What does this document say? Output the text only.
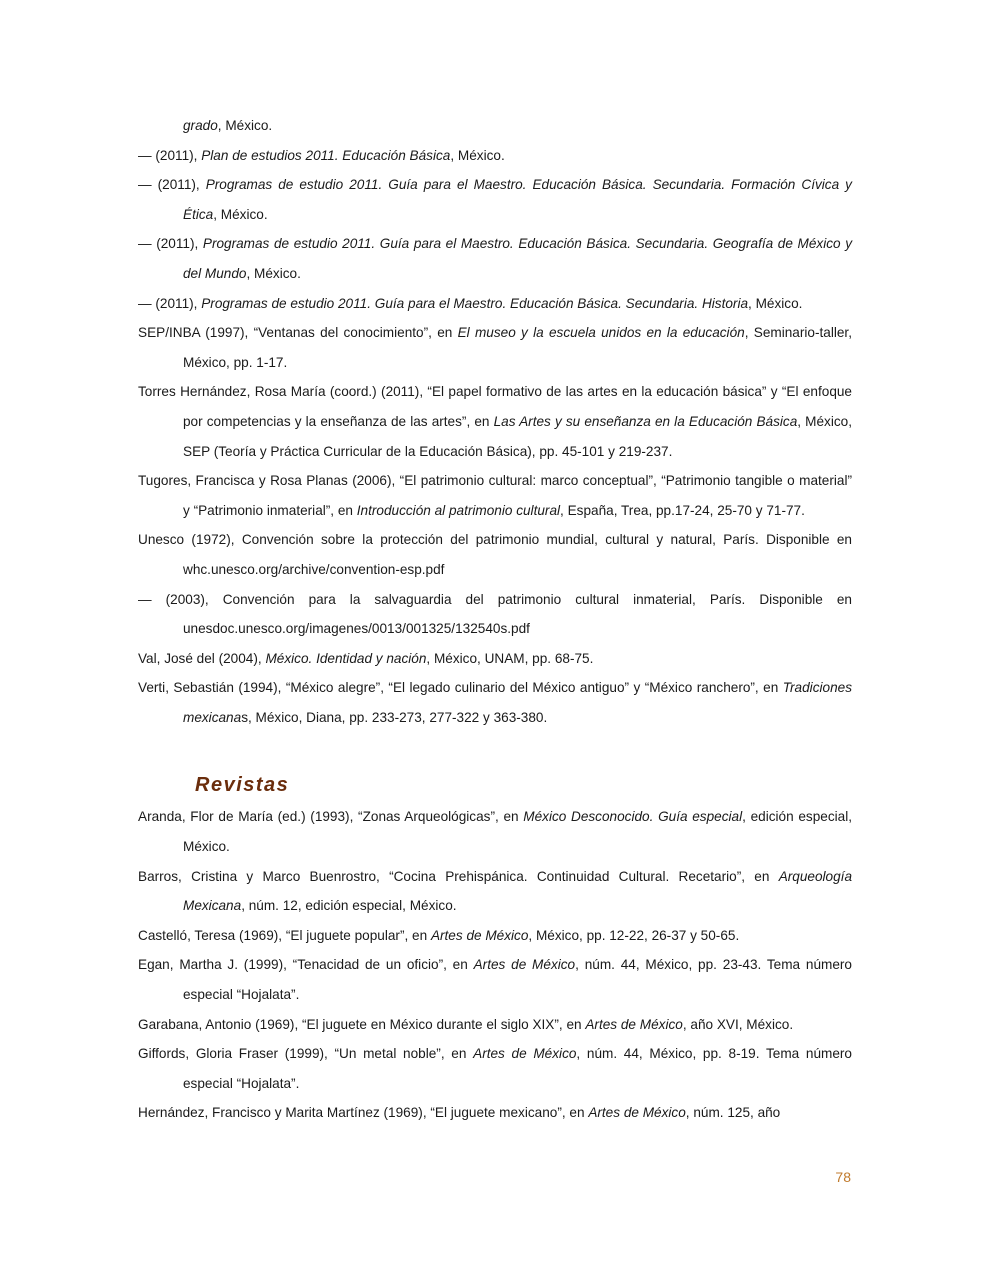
grado, México.
— (2011), Plan de estudios 2011. Educación Básica, México.
— (2011), Programas de estudio 2011. Guía para el Maestro. Educación Básica. Secundaria. Formación Cívica y Ética, México.
— (2011), Programas de estudio 2011. Guía para el Maestro. Educación Básica. Secundaria. Geografía de México y del Mundo, México.
— (2011), Programas de estudio 2011. Guía para el Maestro. Educación Básica. Secundaria. Historia, México.
SEP/INBA (1997), “Ventanas del conocimiento”, en El museo y la escuela unidos en la educación, Seminario-taller, México, pp. 1-17.
Torres Hernández, Rosa María (coord.) (2011), “El papel formativo de las artes en la educación básica” y “El enfoque por competencias y la enseñanza de las artes”, en Las Artes y su enseñanza en la Educación Básica, México, SEP (Teoría y Práctica Curricular de la Educación Básica), pp. 45-101 y 219-237.
Tugores, Francisca y Rosa Planas (2006), “El patrimonio cultural: marco conceptual”, “Patrimonio tangible o material” y “Patrimonio inmaterial”, en Introducción al patrimonio cultural, España, Trea, pp.17-24, 25-70 y 71-77.
Unesco (1972), Convención sobre la protección del patrimonio mundial, cultural y natural, París. Disponible en whc.unesco.org/archive/convention-esp.pdf
— (2003), Convención para la salvaguardia del patrimonio cultural inmaterial, París. Disponible en unesdoc.unesco.org/imagenes/0013/001325/132540s.pdf
Val, José del (2004), México. Identidad y nación, México, UNAM, pp. 68-75.
Verti, Sebastián (1994), “México alegre”, “El legado culinario del México antiguo” y “México ranchero”, en Tradiciones mexicanas, México, Diana, pp. 233-273, 277-322 y 363-380.
Revistas
Aranda, Flor de María (ed.) (1993), “Zonas Arqueológicas”, en México Desconocido. Guía especial, edición especial, México.
Barros, Cristina y Marco Buenrostro, “Cocina Prehispánica. Continuidad Cultural. Recetario”, en Arqueología Mexicana, núm. 12, edición especial, México.
Castelló, Teresa (1969), “El juguete popular”, en Artes de México, México, pp. 12-22, 26-37 y 50-65.
Egan, Martha J. (1999), “Tenacidad de un oficio”, en Artes de México, núm. 44, México, pp. 23-43. Tema número especial “Hojalata”.
Garabana, Antonio (1969), “El juguete en México durante el siglo XIX”, en Artes de México, año XVI, México.
Giffords, Gloria Fraser (1999), “Un metal noble”, en Artes de México, núm. 44, México, pp. 8-19. Tema número especial “Hojalata”.
Hernández, Francisco y Marita Martínez (1969), “El juguete mexicano”, en Artes de México, núm. 125, año
78
